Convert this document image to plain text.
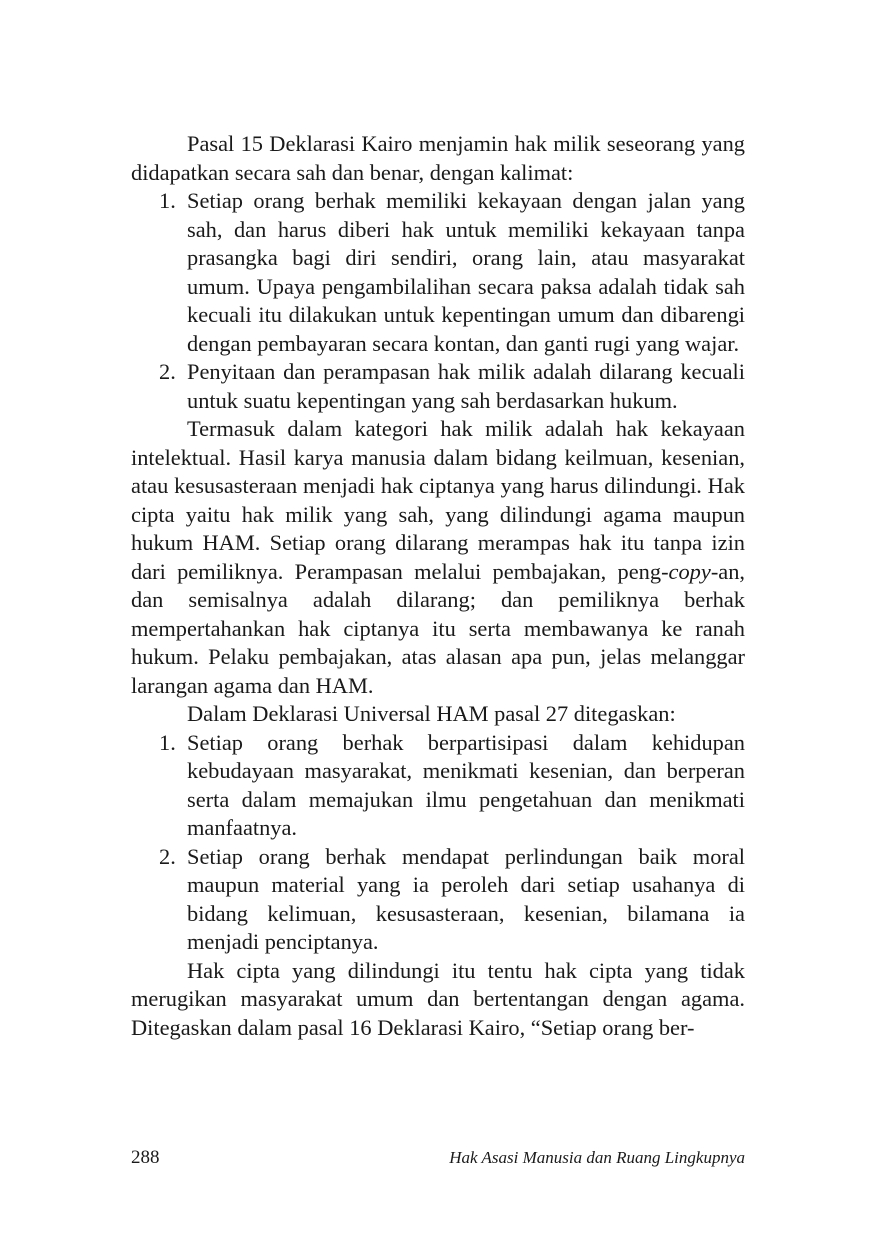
Pasal 15 Deklarasi Kairo menjamin hak milik seseorang yang didapatkan secara sah dan benar, dengan kalimat:

1. Setiap orang berhak memiliki kekayaan dengan jalan yang sah, dan harus diberi hak untuk memiliki kekayaan tanpa prasangka bagi diri sendiri, orang lain, atau masyarakat umum. Upaya pengambilalihan secara paksa adalah tidak sah kecuali itu dilakukan untuk kepentingan umum dan dibarengi dengan pembayaran secara kontan, dan ganti rugi yang wajar.
2. Penyitaan dan perampasan hak milik adalah dilarang kecuali untuk suatu kepentingan yang sah berdasarkan hukum.

Termasuk dalam kategori hak milik adalah hak kekayaan intelektual. Hasil karya manusia dalam bidang keilmuan, kesenian, atau kesusasteraan menjadi hak ciptanya yang harus dilindungi. Hak cipta yaitu hak milik yang sah, yang dilindungi agama maupun hukum HAM. Setiap orang dilarang merampas hak itu tanpa izin dari pemiliknya. Perampasan melalui pembajakan, peng-copy-an, dan semisalnya adalah dilarang; dan pemiliknya berhak mempertahankan hak ciptanya itu serta membawanya ke ranah hukum. Pelaku pembajakan, atas alasan apa pun, jelas melanggar larangan agama dan HAM.

Dalam Deklarasi Universal HAM pasal 27 ditegaskan:

1. Setiap orang berhak berpartisipasi dalam kehidupan kebudayaan masyarakat, menikmati kesenian, dan berperan serta dalam memajukan ilmu pengetahuan dan menikmati manfaatnya.
2. Setiap orang berhak mendapat perlindungan baik moral maupun material yang ia peroleh dari setiap usahanya di bidang kelimuan, kesusasteraan, kesenian, bilamana ia menjadi penciptanya.

Hak cipta yang dilindungi itu tentu hak cipta yang tidak merugikan masyarakat umum dan bertentangan dengan agama. Ditegaskan dalam pasal 16 Deklarasi Kairo, “Setiap orang ber-

288	Hak Asasi Manusia dan Ruang Lingkupnya
